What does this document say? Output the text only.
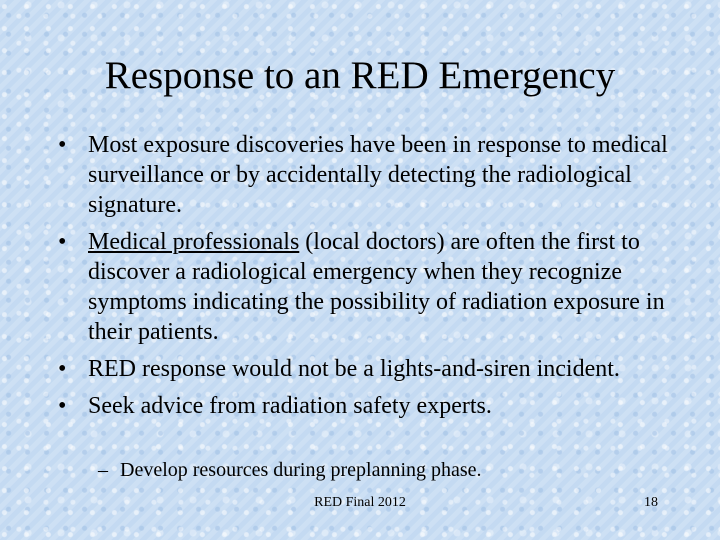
Response to an RED Emergency
• Most exposure discoveries have been in response to medical surveillance or by accidentally detecting the radiological signature.
• Medical professionals (local doctors) are often the first to discover a radiological emergency when they recognize symptoms indicating the possibility of radiation exposure in their patients.
• RED response would not be a lights-and-siren incident.
• Seek advice from radiation safety experts.
– Develop resources during preplanning phase.
RED Final 2012	18
